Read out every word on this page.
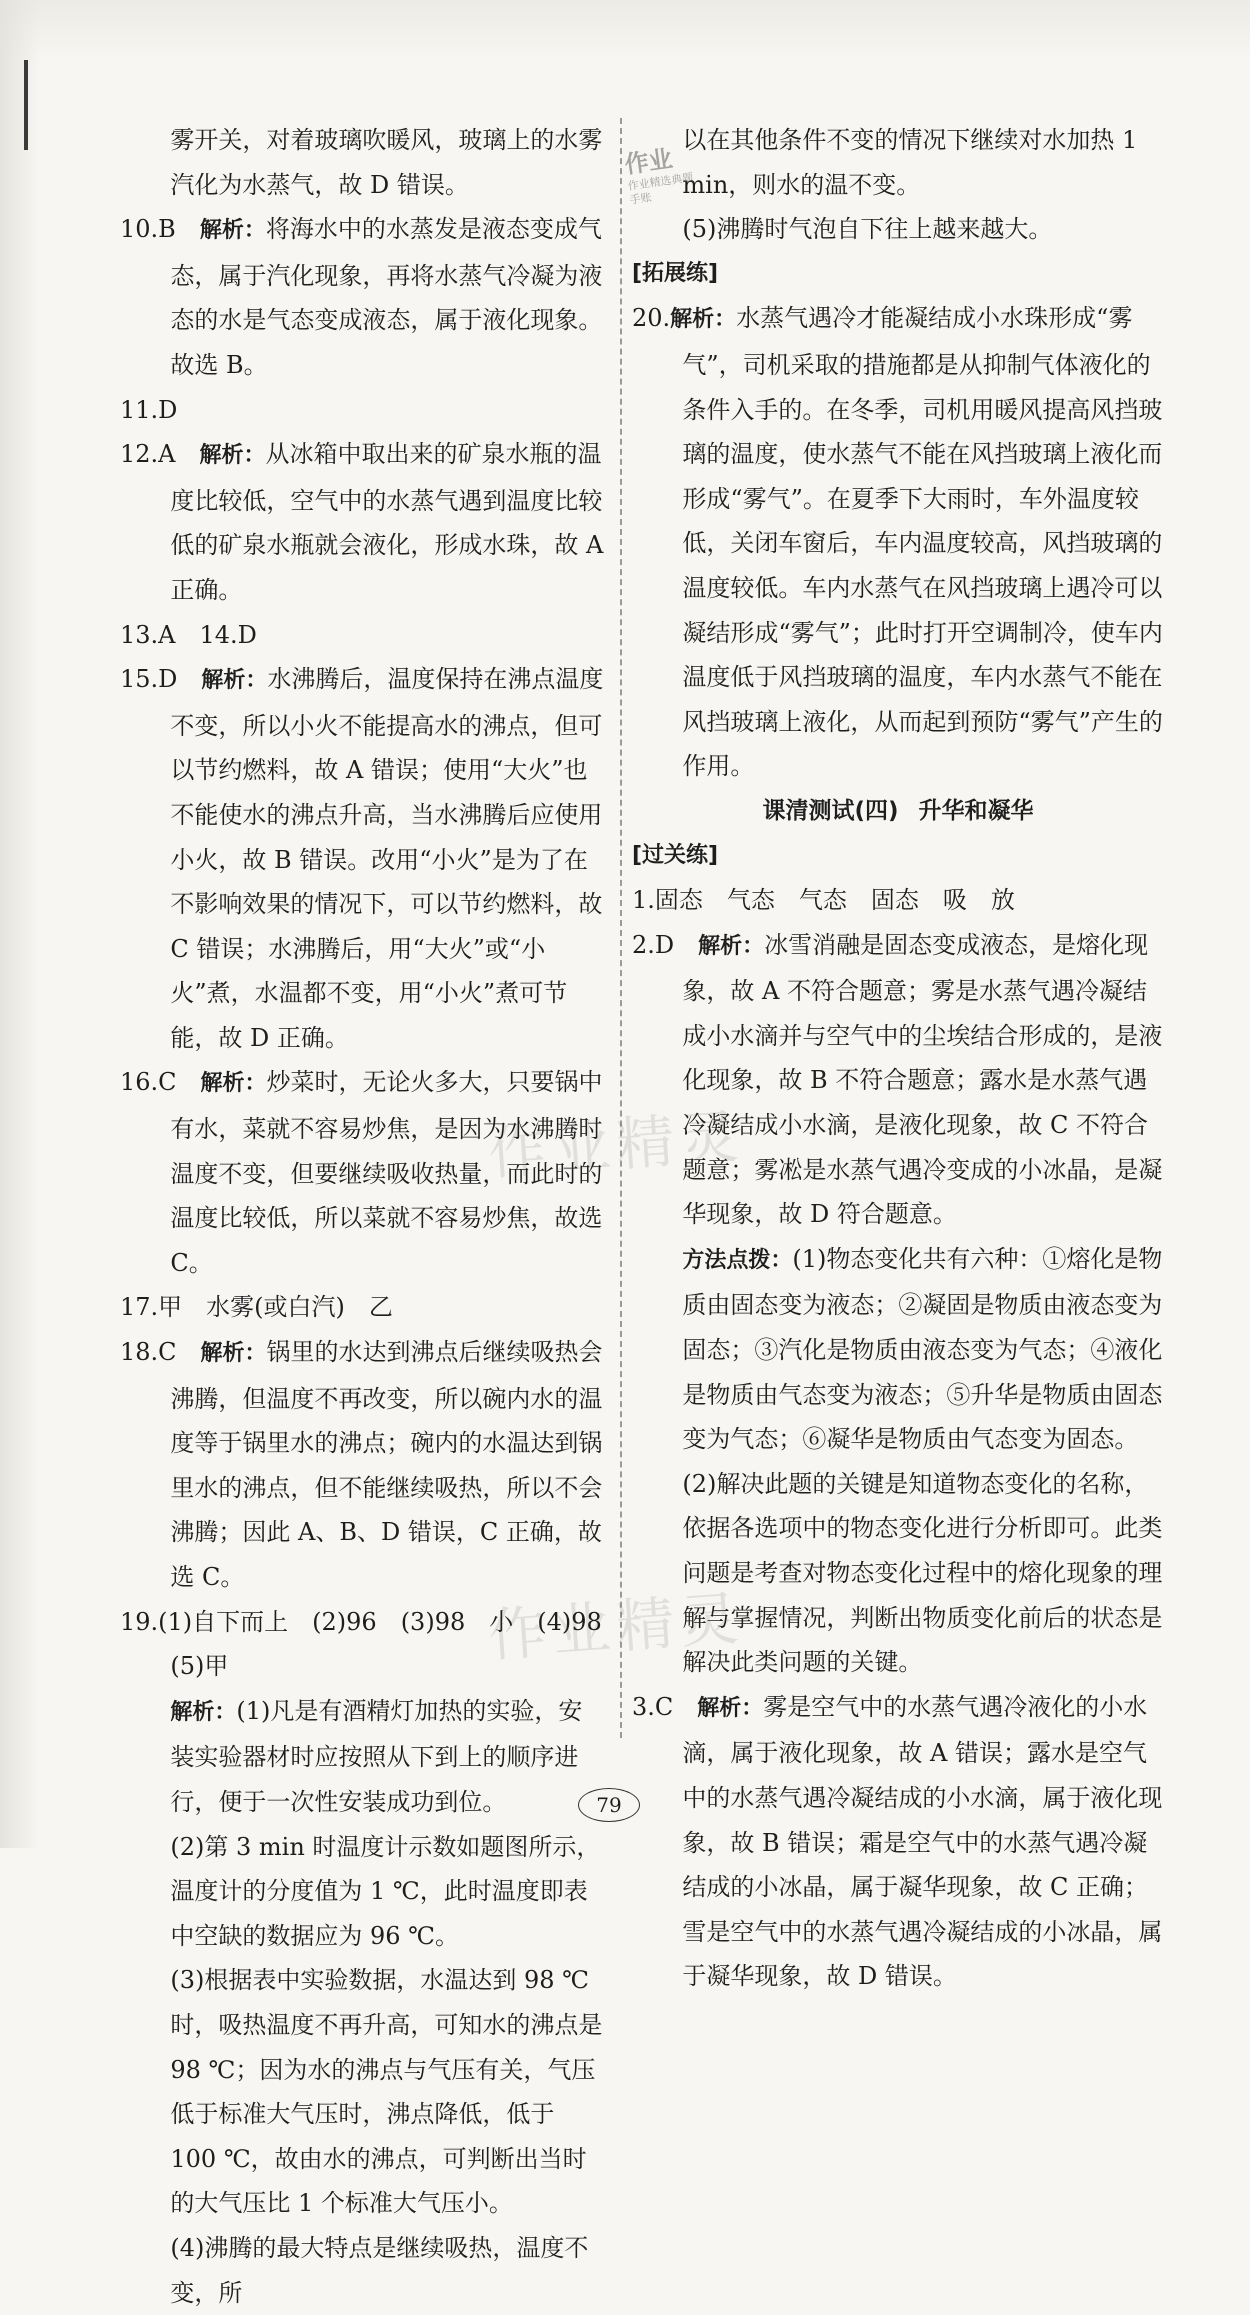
雾开关，对着玻璃吹暖风，玻璃上的水雾汽化为水蒸气，故 D 错误。

10.B　 解析：将海水中的水蒸发是液态变成气态，属于汽化现象，再将水蒸气冷凝为液态的水是气态变成液态，属于液化现象。故选 B。

11.D

12.A　 解析：从冰箱中取出来的矿泉水瓶的温度比较低，空气中的水蒸气遇到温度比较低的矿泉水瓶就会液化，形成水珠，故 A 正确。

13.A　14.D

15.D　 解析：水沸腾后，温度保持在沸点温度不变，所以小火不能提高水的沸点，但可以节约燃料，故 A 错误；使用“大火”也不能使水的沸点升高，当水沸腾后应使用小火，故 B 错误。改用“小火”是为了在不影响效果的情况下，可以节约燃料，故 C 错误；水沸腾后，用“大火”或“小火”煮，水温都不变，用“小火”煮可节能，故 D 正确。

16.C　 解析：炒菜时，无论火多大，只要锅中有水，菜就不容易炒焦，是因为水沸腾时温度不变，但要继续吸收热量，而此时的温度比较低，所以菜就不容易炒焦，故选 C。

17.甲　水雾(或白汽)　乙

18.C　 解析：锅里的水达到沸点后继续吸热会沸腾，但温度不再改变，所以碗内水的温度等于锅里水的沸点；碗内的水温达到锅里水的沸点，但不能继续吸热，所以不会沸腾；因此 A、B、D 错误，C 正确，故选 C。

19.(1)自下而上　(2)96　(3)98　小　(4)98

(5)甲

解析：(1)凡是有酒精灯加热的实验，安装实验器材时应按照从下到上的顺序进行，便于一次性安装成功到位。

(2)第 3 min 时温度计示数如题图所示，温度计的分度值为 1 ℃，此时温度即表中空缺的数据应为 96 ℃。

(3)根据表中实验数据，水温达到 98 ℃时，吸热温度不再升高，可知水的沸点是 98 ℃；因为水的沸点与气压有关，气压低于标准大气压时，沸点降低，低于 100 ℃，故由水的沸点，可判断出当时的大气压比 1 个标准大气压小。

(4)沸腾的最大特点是继续吸热，温度不变，所

以在其他条件不变的情况下继续对水加热 1 min，则水的温不变。

(5)沸腾时气泡自下往上越来越大。

[拓展练]

20.解析：水蒸气遇冷才能凝结成小水珠形成“雾气”，司机采取的措施都是从抑制气体液化的条件入手的。在冬季，司机用暖风提高风挡玻璃的温度，使水蒸气不能在风挡玻璃上液化而形成“雾气”。在夏季下大雨时，车外温度较低，关闭车窗后，车内温度较高，风挡玻璃的温度较低。车内水蒸气在风挡玻璃上遇冷可以凝结形成“雾气”；此时打开空调制冷，使车内温度低于风挡玻璃的温度，车内水蒸气不能在风挡玻璃上液化，从而起到预防“雾气”产生的作用。

课清测试(四) 升华和凝华

[过关练]

1.固态　气态　气态　固态　吸　放

2.D　 解析：冰雪消融是固态变成液态，是熔化现象，故 A 不符合题意；雾是水蒸气遇冷凝结成小水滴并与空气中的尘埃结合形成的，是液化现象，故 B 不符合题意；露水是水蒸气遇冷凝结成小水滴，是液化现象，故 C 不符合题意；雾凇是水蒸气遇冷变成的小冰晶，是凝华现象，故 D 符合题意。

方法点拨：(1)物态变化共有六种：①熔化是物质由固态变为液态；②凝固是物质由液态变为固态；③汽化是物质由液态变为气态；④液化是物质由气态变为液态；⑤升华是物质由固态变为气态；⑥凝华是物质由气态变为固态。(2)解决此题的关键是知道物态变化的名称，依据各选项中的物态变化进行分析即可。此类问题是考查对物态变化过程中的熔化现象的理解与掌握情况，判断出物质变化前后的状态是解决此类问题的关键。

3.C　 解析：雾是空气中的水蒸气遇冷液化的小水滴，属于液化现象，故 A 错误；露水是空气中的水蒸气遇冷凝结成的小水滴，属于液化现象，故 B 错误；霜是空气中的水蒸气遇冷凝结成的小冰晶，属于凝华现象，故 C 正确；雪是空气中的水蒸气遇冷凝结成的小冰晶，属于凝华现象，故 D 错误。

作业
作业精选典题手账
作业精灵
作业精灵
79
